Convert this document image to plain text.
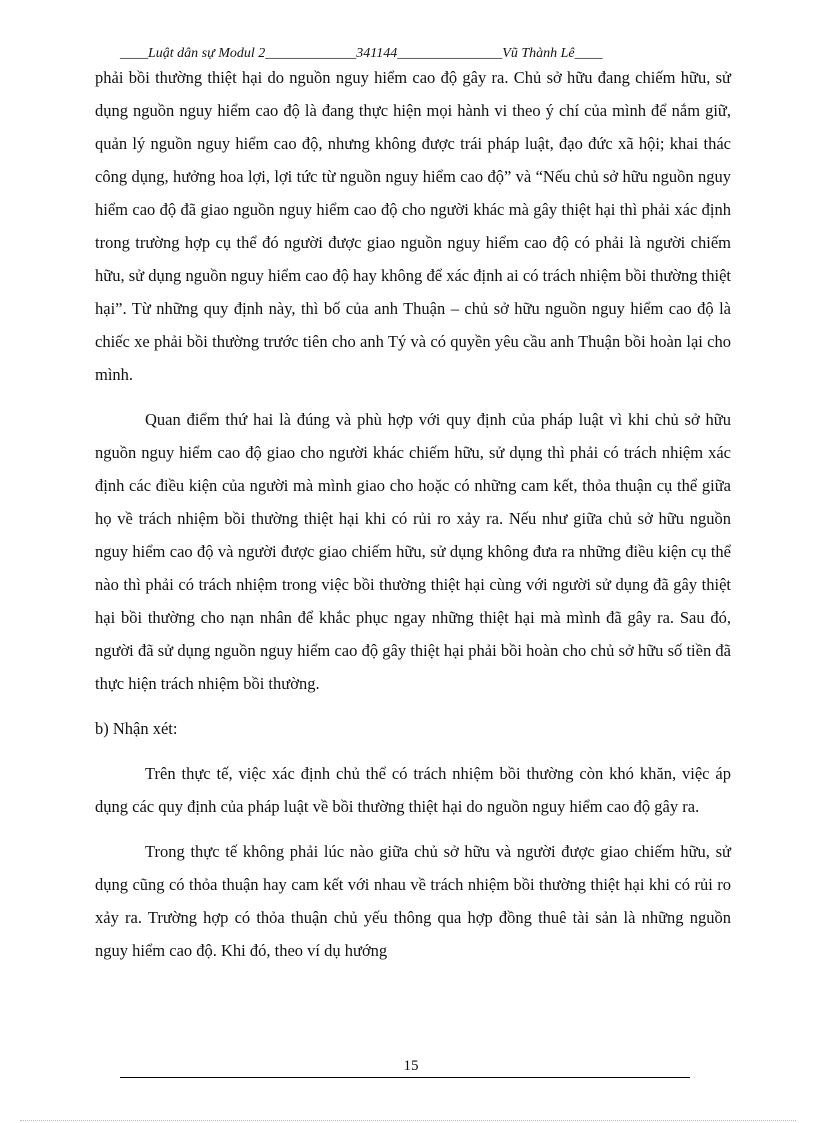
____Luật dân sự Modul 2_____________341144_______________Vũ Thành Lê____

phải bồi thường thiệt hại do nguồn nguy hiểm cao độ gây ra. Chủ sở hữu đang chiếm hữu, sử dụng nguồn nguy hiểm cao độ là đang thực hiện mọi hành vi theo ý chí của mình để nắm giữ, quản lý nguồn nguy hiểm cao độ, nhưng không được trái pháp luật, đạo đức xã hội; khai thác công dụng, hưởng hoa lợi, lợi tức từ nguồn nguy hiểm cao độ” và “Nếu chủ sở hữu nguồn nguy hiểm cao độ đã giao nguồn nguy hiểm cao độ cho người khác mà gây thiệt hại thì phải xác định trong trường hợp cụ thể đó người được giao nguồn nguy hiểm cao độ có phải là người chiếm hữu, sử dụng nguồn nguy hiểm cao độ hay không để xác định ai có trách nhiệm bồi thường thiệt hại”. Từ những quy định này, thì bố của anh Thuận – chủ sở hữu nguồn nguy hiểm cao độ là chiếc xe phải bồi thường trước tiên cho anh Tý và có quyền yêu cầu anh Thuận bồi hoàn lại cho mình.

Quan điểm thứ hai là đúng và phù hợp với quy định của pháp luật vì khi chủ sở hữu nguồn nguy hiểm cao độ giao cho người khác chiếm hữu, sử dụng thì phải có trách nhiệm xác định các điều kiện của người mà mình giao cho hoặc có những cam kết, thỏa thuận cụ thể giữa họ về trách nhiệm bồi thường thiệt hại khi có rủi ro xảy ra. Nếu như giữa chủ sở hữu nguồn nguy hiểm cao độ và người được giao chiếm hữu, sử dụng không đưa ra những điều kiện cụ thể nào thì phải có trách nhiệm trong việc bồi thường thiệt hại cùng với người sử dụng đã gây thiệt hại bồi thường cho nạn nhân để khắc phục ngay những thiệt hại mà mình đã gây ra. Sau đó, người đã sử dụng nguồn nguy hiểm cao độ gây thiệt hại phải bồi hoàn cho chủ sở hữu số tiền đã thực hiện trách nhiệm bồi thường.

b) Nhận xét:

Trên thực tế, việc xác định chủ thể có trách nhiệm bồi thường còn khó khăn, việc áp dụng các quy định của pháp luật về bồi thường thiệt hại do nguồn nguy hiểm cao độ gây ra.

Trong thực tế không phải lúc nào giữa chủ sở hữu và người được giao chiếm hữu, sử dụng cũng có thỏa thuận hay cam kết với nhau về trách nhiệm bồi thường thiệt hại khi có rủi ro xảy ra. Trường hợp có thỏa thuận chủ yếu thông qua hợp đồng thuê tài sản là những nguồn nguy hiểm cao độ. Khi đó, theo ví dụ hướng

15
